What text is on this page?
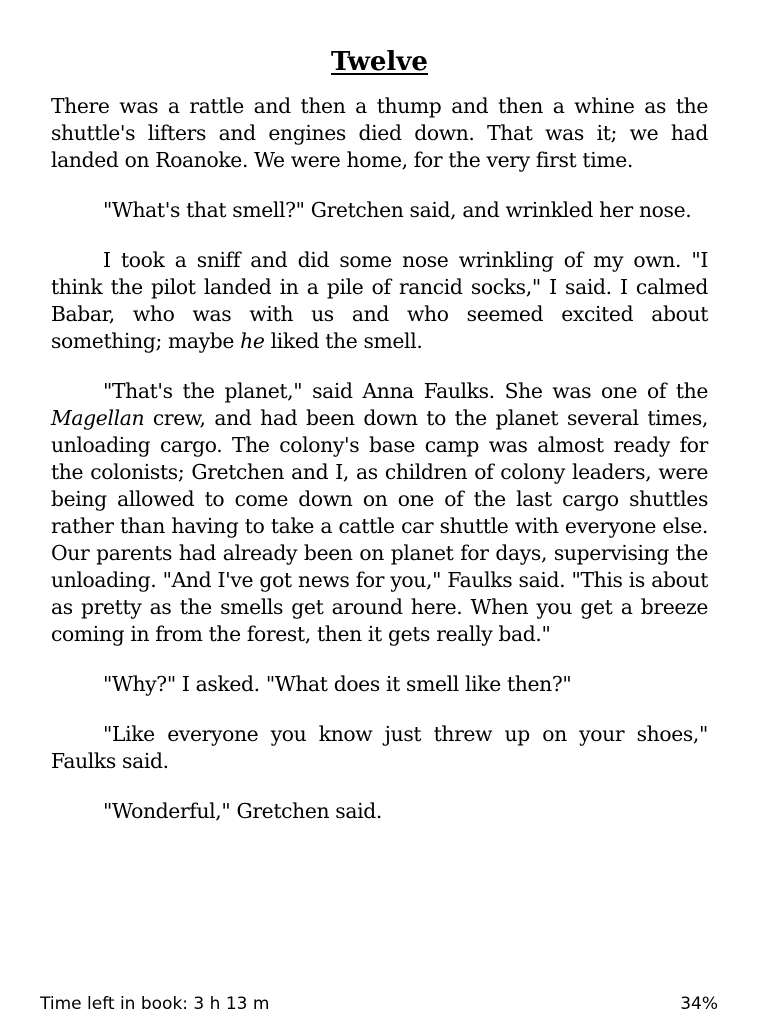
Twelve

There was a rattle and then a thump and then a whine as the shuttle's lifters and engines died down. That was it; we had landed on Roanoke. We were home, for the very first time.

"What's that smell?" Gretchen said, and wrinkled her nose.

I took a sniff and did some nose wrinkling of my own. "I think the pilot landed in a pile of rancid socks," I said. I calmed Babar, who was with us and who seemed excited about something; maybe he liked the smell.

"That's the planet," said Anna Faulks. She was one of the Magellan crew, and had been down to the planet several times, unloading cargo. The colony's base camp was almost ready for the colonists; Gretchen and I, as children of colony leaders, were being allowed to come down on one of the last cargo shuttles rather than having to take a cattle car shuttle with everyone else. Our parents had already been on planet for days, supervising the unloading. "And I've got news for you," Faulks said. "This is about as pretty as the smells get around here. When you get a breeze coming in from the forest, then it gets really bad."

"Why?" I asked. "What does it smell like then?"

"Like everyone you know just threw up on your shoes," Faulks said.

"Wonderful," Gretchen said.

Time left in book: 3 h 13 m	34%
